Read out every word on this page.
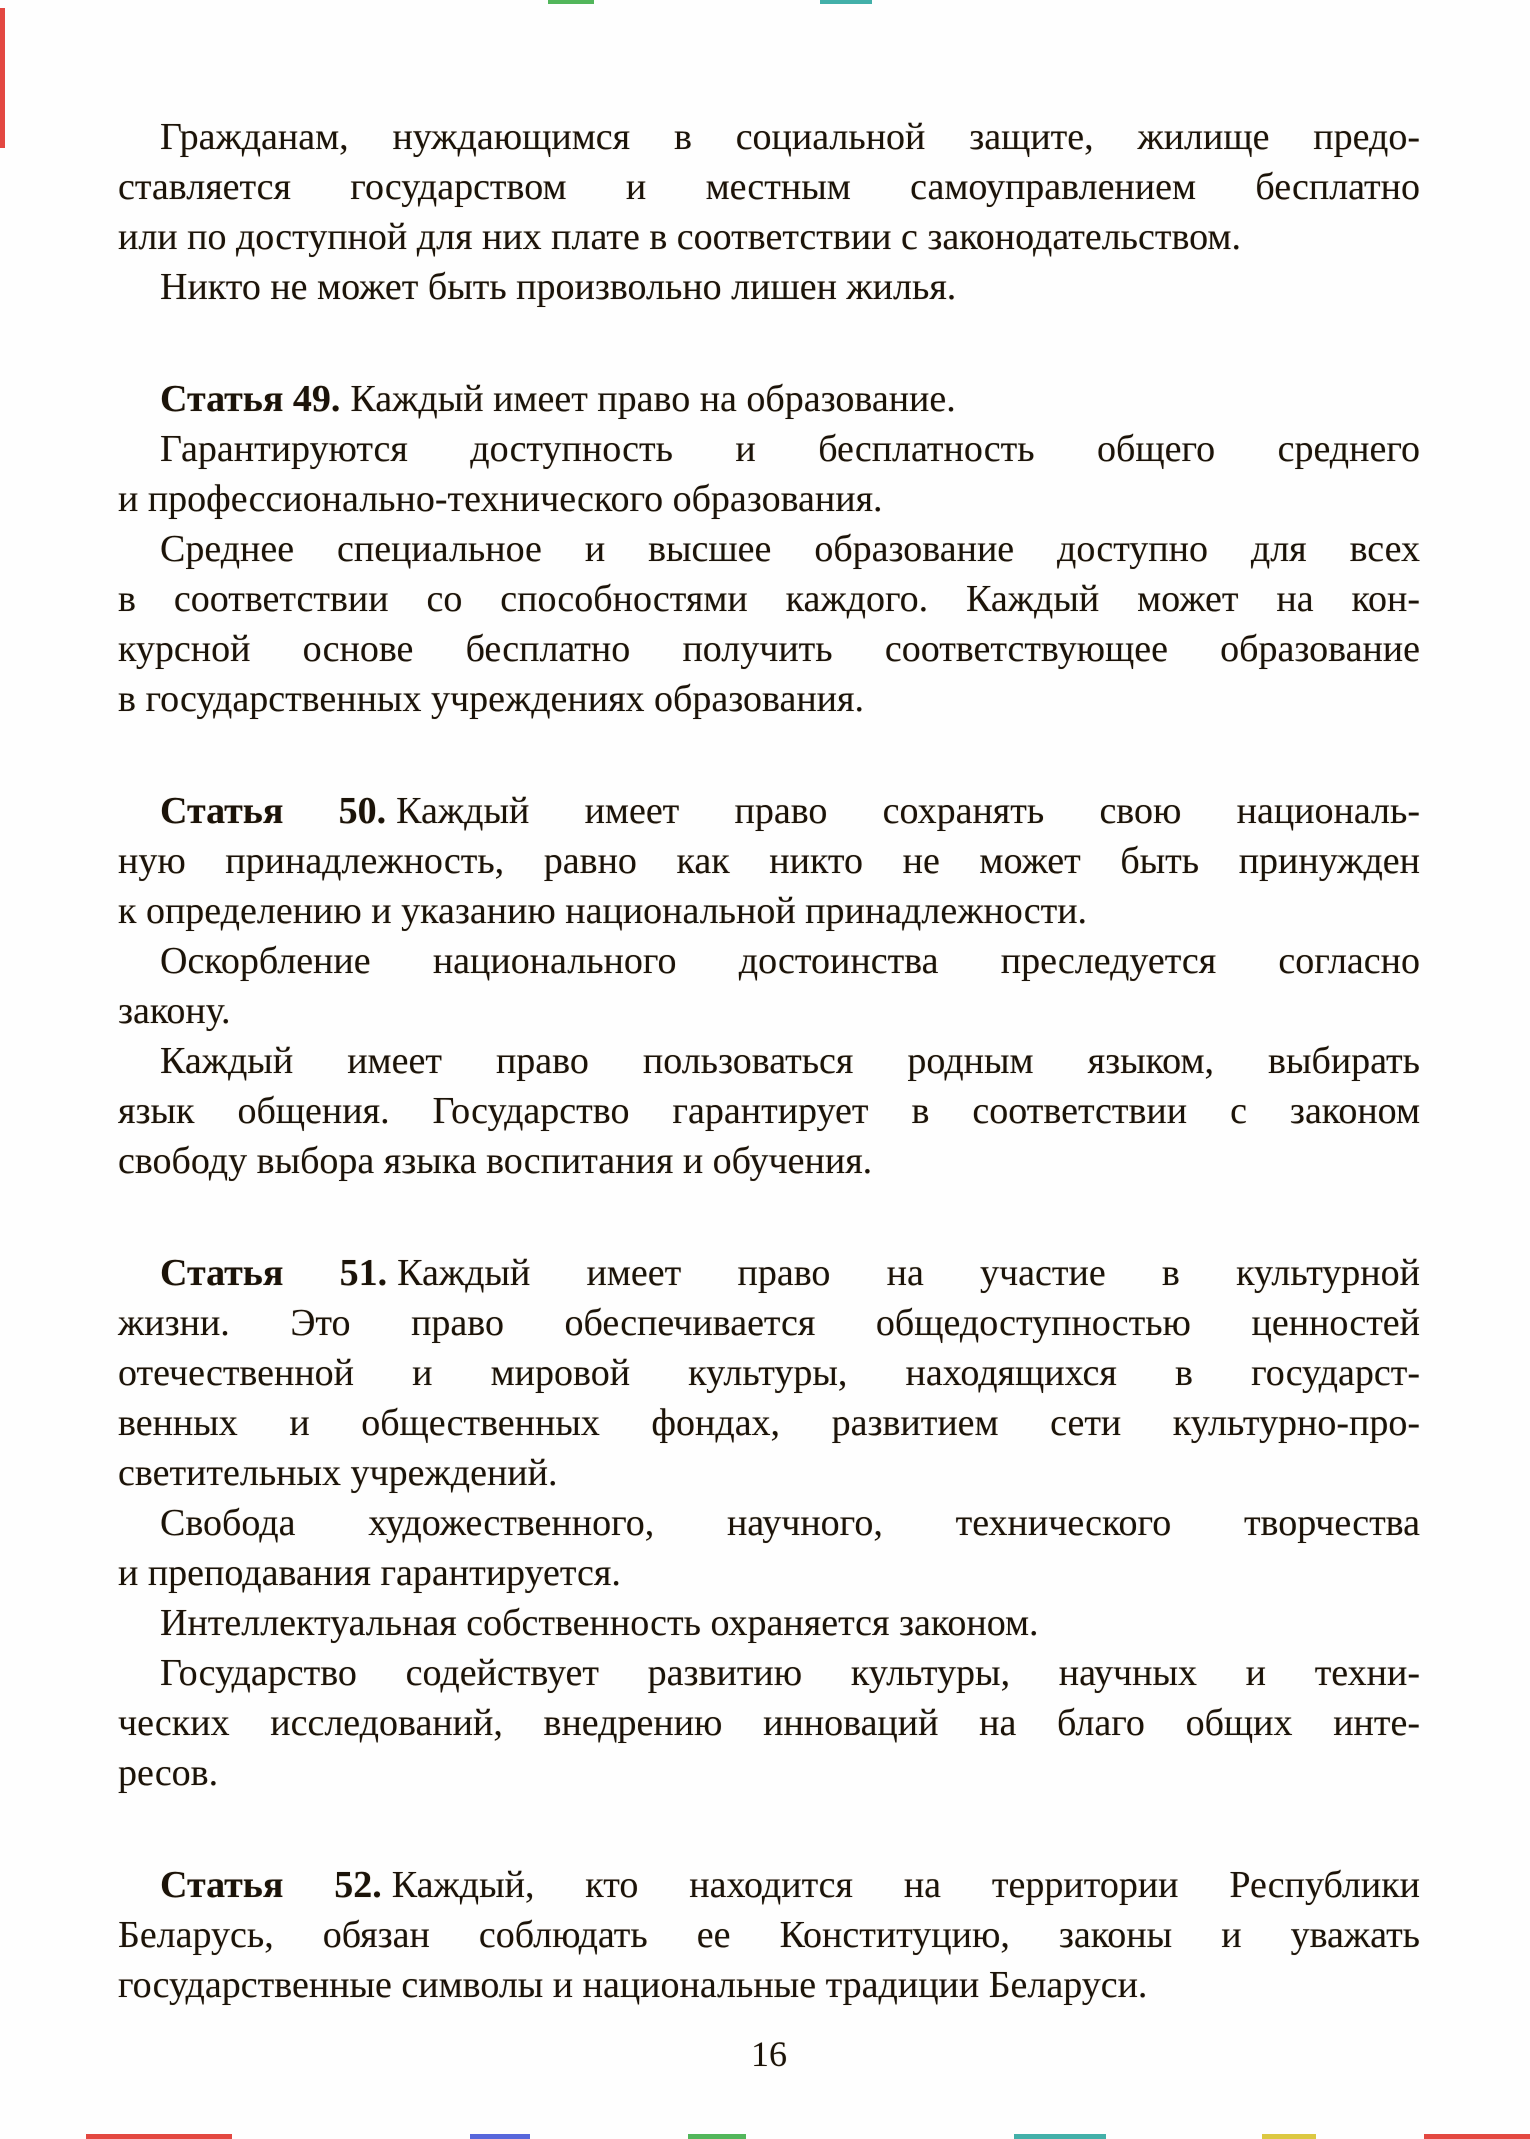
Гражданам, нуждающимся в социальной защите, жилище предо-
ставляется государством и местным самоуправлением бесплатно
или по доступной для них плате в соответствии с законодательством.
Никто не может быть произвольно лишен жилья.
Статья 49. Каждый имеет право на образование.
Гарантируются доступность и бесплатность общего среднего
и профессионально-технического образования.
Среднее специальное и высшее образование доступно для всех
в соответствии со способностями каждого. Каждый может на кон-
курсной основе бесплатно получить соответствующее образование
в государственных учреждениях образования.
Статья 50. Каждый имеет право сохранять свою националь-
ную принадлежность, равно как никто не может быть принужден
к определению и указанию национальной принадлежности.
Оскорбление национального достоинства преследуется согласно
закону.
Каждый имеет право пользоваться родным языком, выбирать
язык общения. Государство гарантирует в соответствии с законом
свободу выбора языка воспитания и обучения.
Статья 51. Каждый имеет право на участие в культурной
жизни. Это право обеспечивается общедоступностью ценностей
отечественной и мировой культуры, находящихся в государст-
венных и общественных фондах, развитием сети культурно-про-
светительных учреждений.
Свобода художественного, научного, технического творчества
и преподавания гарантируется.
Интеллектуальная собственность охраняется законом.
Государство содействует развитию культуры, научных и техни-
ческих исследований, внедрению инноваций на благо общих инте-
ресов.
Статья 52. Каждый, кто находится на территории Республики
Беларусь, обязан соблюдать ее Конституцию, законы и уважать
государственные символы и национальные традиции Беларуси.
16
